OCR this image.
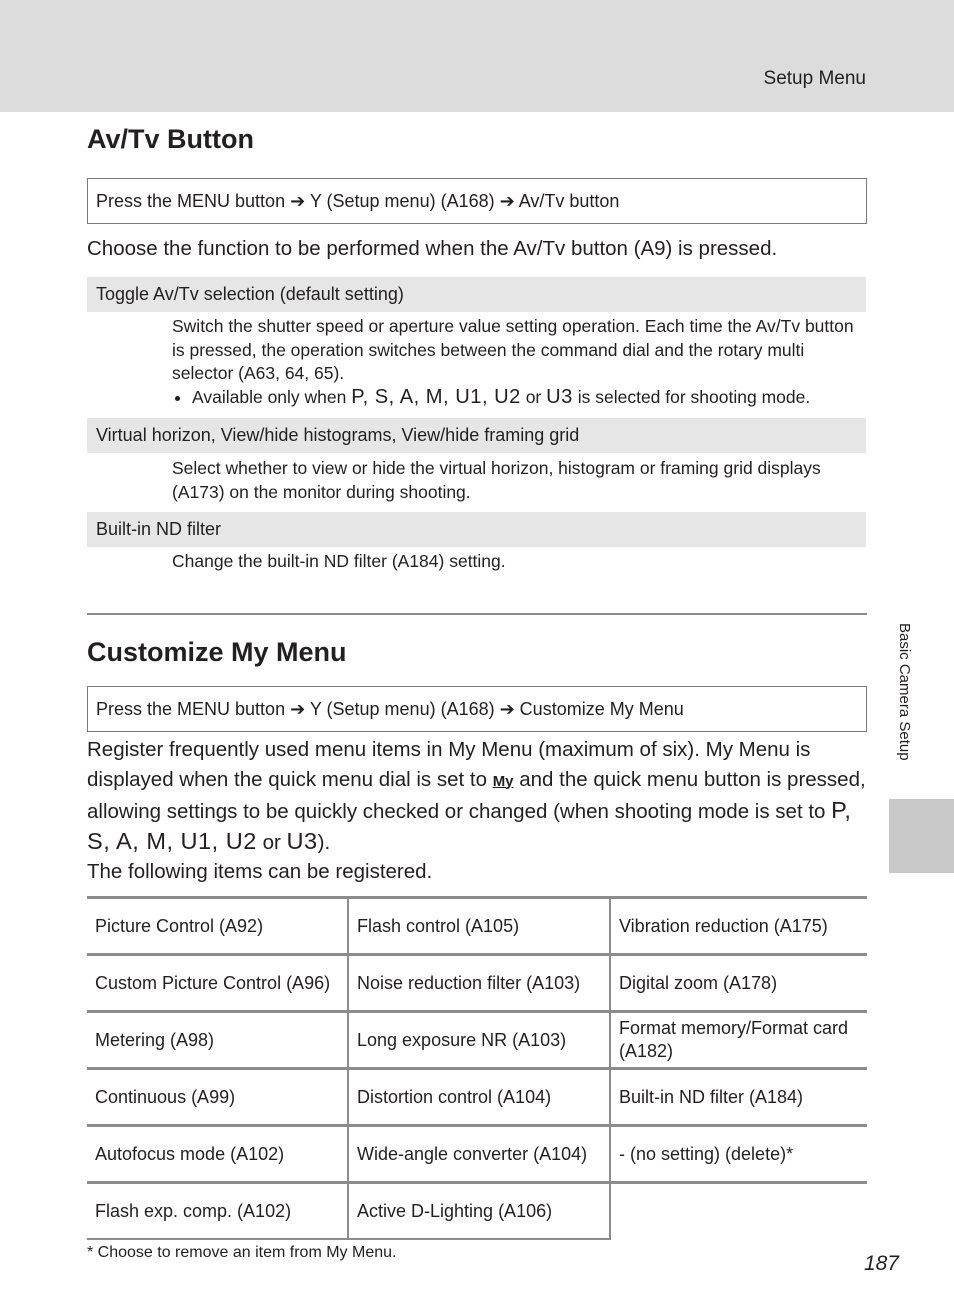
Setup Menu
Av/Tv Button
Press the MENU button ➔ Y (Setup menu) (A168) ➔ Av/Tv button
Choose the function to be performed when the Av/Tv button (A9) is pressed.
Toggle Av/Tv selection (default setting)
Switch the shutter speed or aperture value setting operation. Each time the Av/Tv button is pressed, the operation switches between the command dial and the rotary multi selector (A63, 64, 65).
• Available only when P, S, A, M, U1, U2 or U3 is selected for shooting mode.
Virtual horizon, View/hide histograms, View/hide framing grid
Select whether to view or hide the virtual horizon, histogram or framing grid displays (A173) on the monitor during shooting.
Built-in ND filter
Change the built-in ND filter (A184) setting.
Customize My Menu
Press the MENU button ➔ Y (Setup menu) (A168) ➔ Customize My Menu
Register frequently used menu items in My Menu (maximum of six). My Menu is displayed when the quick menu dial is set to My and the quick menu button is pressed, allowing settings to be quickly checked or changed (when shooting mode is set to P, S, A, M, U1, U2 or U3).
The following items can be registered.
Picture Control (A92)	Flash control (A105)	Vibration reduction (A175)
Custom Picture Control (A96)	Noise reduction filter (A103)	Digital zoom (A178)
Metering (A98)	Long exposure NR (A103)	Format memory/Format card (A182)
Continuous (A99)	Distortion control (A104)	Built-in ND filter (A184)
Autofocus mode (A102)	Wide-angle converter (A104)	- (no setting) (delete)*
Flash exp. comp. (A102)	Active D-Lighting (A106)	
* Choose to remove an item from My Menu.
Basic Camera Setup
187
